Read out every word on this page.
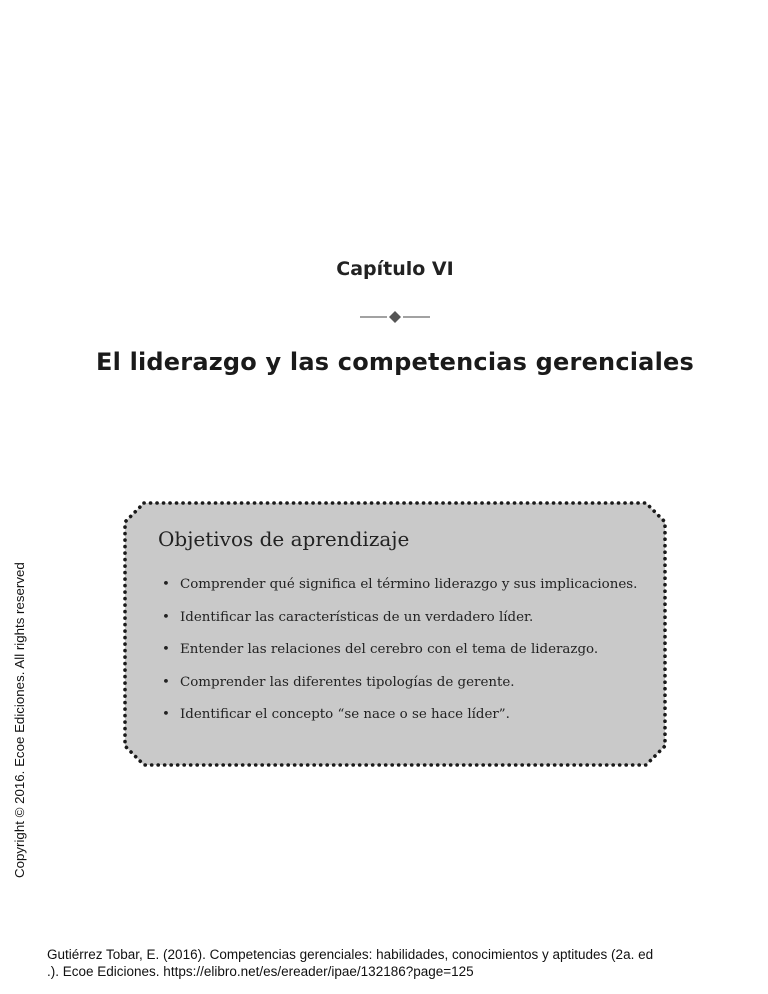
Capítulo VI
El liderazgo y las competencias gerenciales
Objetivos de aprendizaje
• Comprender qué significa el término liderazgo y sus implicaciones.
• Identificar las características de un verdadero líder.
• Entender las relaciones del cerebro con el tema de liderazgo.
• Comprender las diferentes tipologías de gerente.
• Identificar el concepto “se nace o se hace líder”.
Copyright © 2016. Ecoe Ediciones. All rights reserved
Gutiérrez Tobar, E. (2016). Competencias gerenciales: habilidades, conocimientos y aptitudes (2a. ed
.). Ecoe Ediciones. https://elibro.net/es/ereader/ipae/132186?page=125
